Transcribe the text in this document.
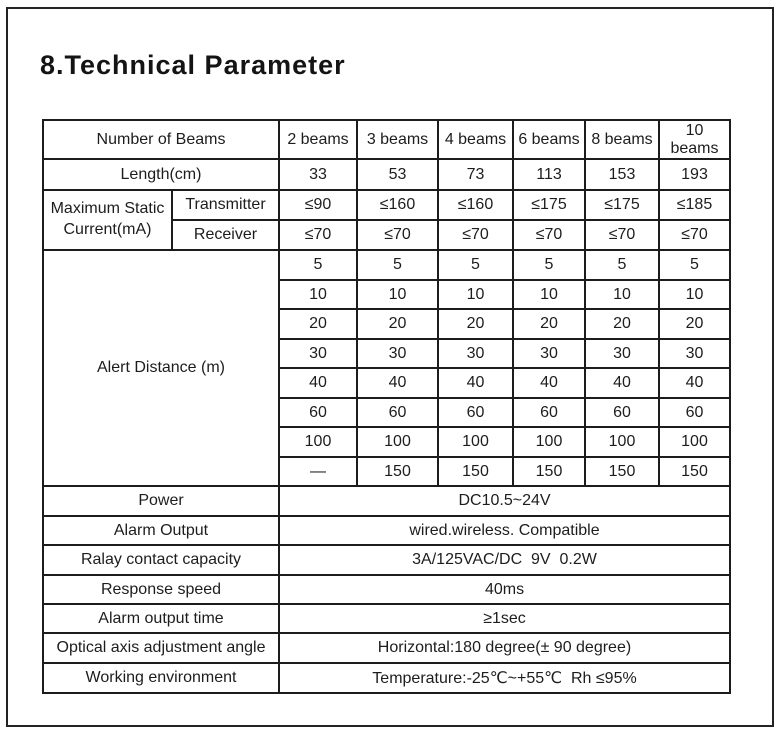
8.Technical Parameter
Number of Beams		2 beams	3 beams	4 beams	6 beams	8 beams	10 beams
Length(cm)		33	53	73	113	153	193
Maximum Static Current(mA)	Transmitter	≤90	≤160	≤160	≤175	≤175	≤185
	Receiver	≤70	≤70	≤70	≤70	≤70	≤70
Alert Distance (m)		5	5	5	5	5	5
		10	10	10	10	10	10
		20	20	20	20	20	20
		30	30	30	30	30	30
		40	40	40	40	40	40
		60	60	60	60	60	60
		100	100	100	100	100	100
		—	150	150	150	150	150
Power		DC10.5~24V					
Alarm Output		wired.wireless. Compatible					
Ralay contact capacity		3A/125VAC/DC  9V  0.2W					
Response speed		40ms					
Alarm output time		≥1sec					
Optical axis adjustment angle		Horizontal:180 degree(± 90 degree)					
Working environment		Temperature:-25℃~+55℃  Rh ≤95%					
